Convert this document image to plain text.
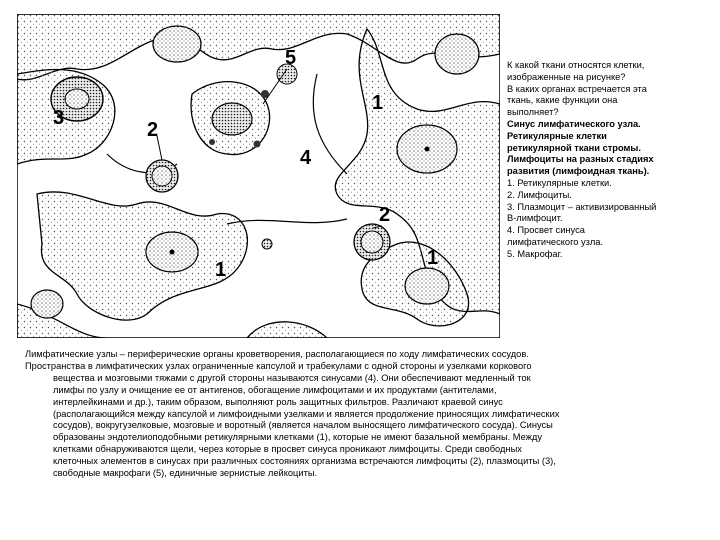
5
1
3
2
4
2
1
1

К какой ткани относятся клетки,

изображенные на рисунке?

В каких органах встречается эта

ткань, какие функции она

выполняет?

Синус лимфатического узла.

Ретикулярные клетки

ретикулярной ткани стромы.

Лимфоциты на разных стадиях

развития (лимфоидная ткань).

1. Ретикулярные клетки.

2. Лимфоциты.

3. Плазмоцит – активизированный

В-лимфоцит.

4. Просвет синуса

лимфатического узла.

5. Макрофаг.

Лимфатические узлы – периферические органы кроветворения, располагающиеся по ходу лимфатических сосудов.

Пространства в лимфатических узлах ограниченные капсулой и трабекулами с одной стороны и узелками коркового

вещества и мозговыми тяжами с другой стороны называются синусами (4). Они обеспечивают медленный ток

лимфы по узлу и очищение ее от антигенов, обогащение лимфоцитами и их продуктами (антителами,

интерлейкинами и др.), таким образом, выполняют роль защитных фильтров. Различают краевой синус

(располагающийся между капсулой и лимфоидными узелками и является продолжение приносящих лимфатических

сосудов), вокругузелковые, мозговые и воротный (является началом выносящего лимфатического сосуда). Синусы

образованы эндотелиоподобными ретикулярными клетками (1), которые не имеют базальной мембраны. Между

клетками обнаруживаются щели, через которые в просвет синуса проникают лимфоциты. Среди свободных

клеточных элементов в синусах при различных состояниях организма встречаются лимфоциты (2), плазмоциты (3),

свободные макрофаги (5), единичные зернистые лейкоциты.
